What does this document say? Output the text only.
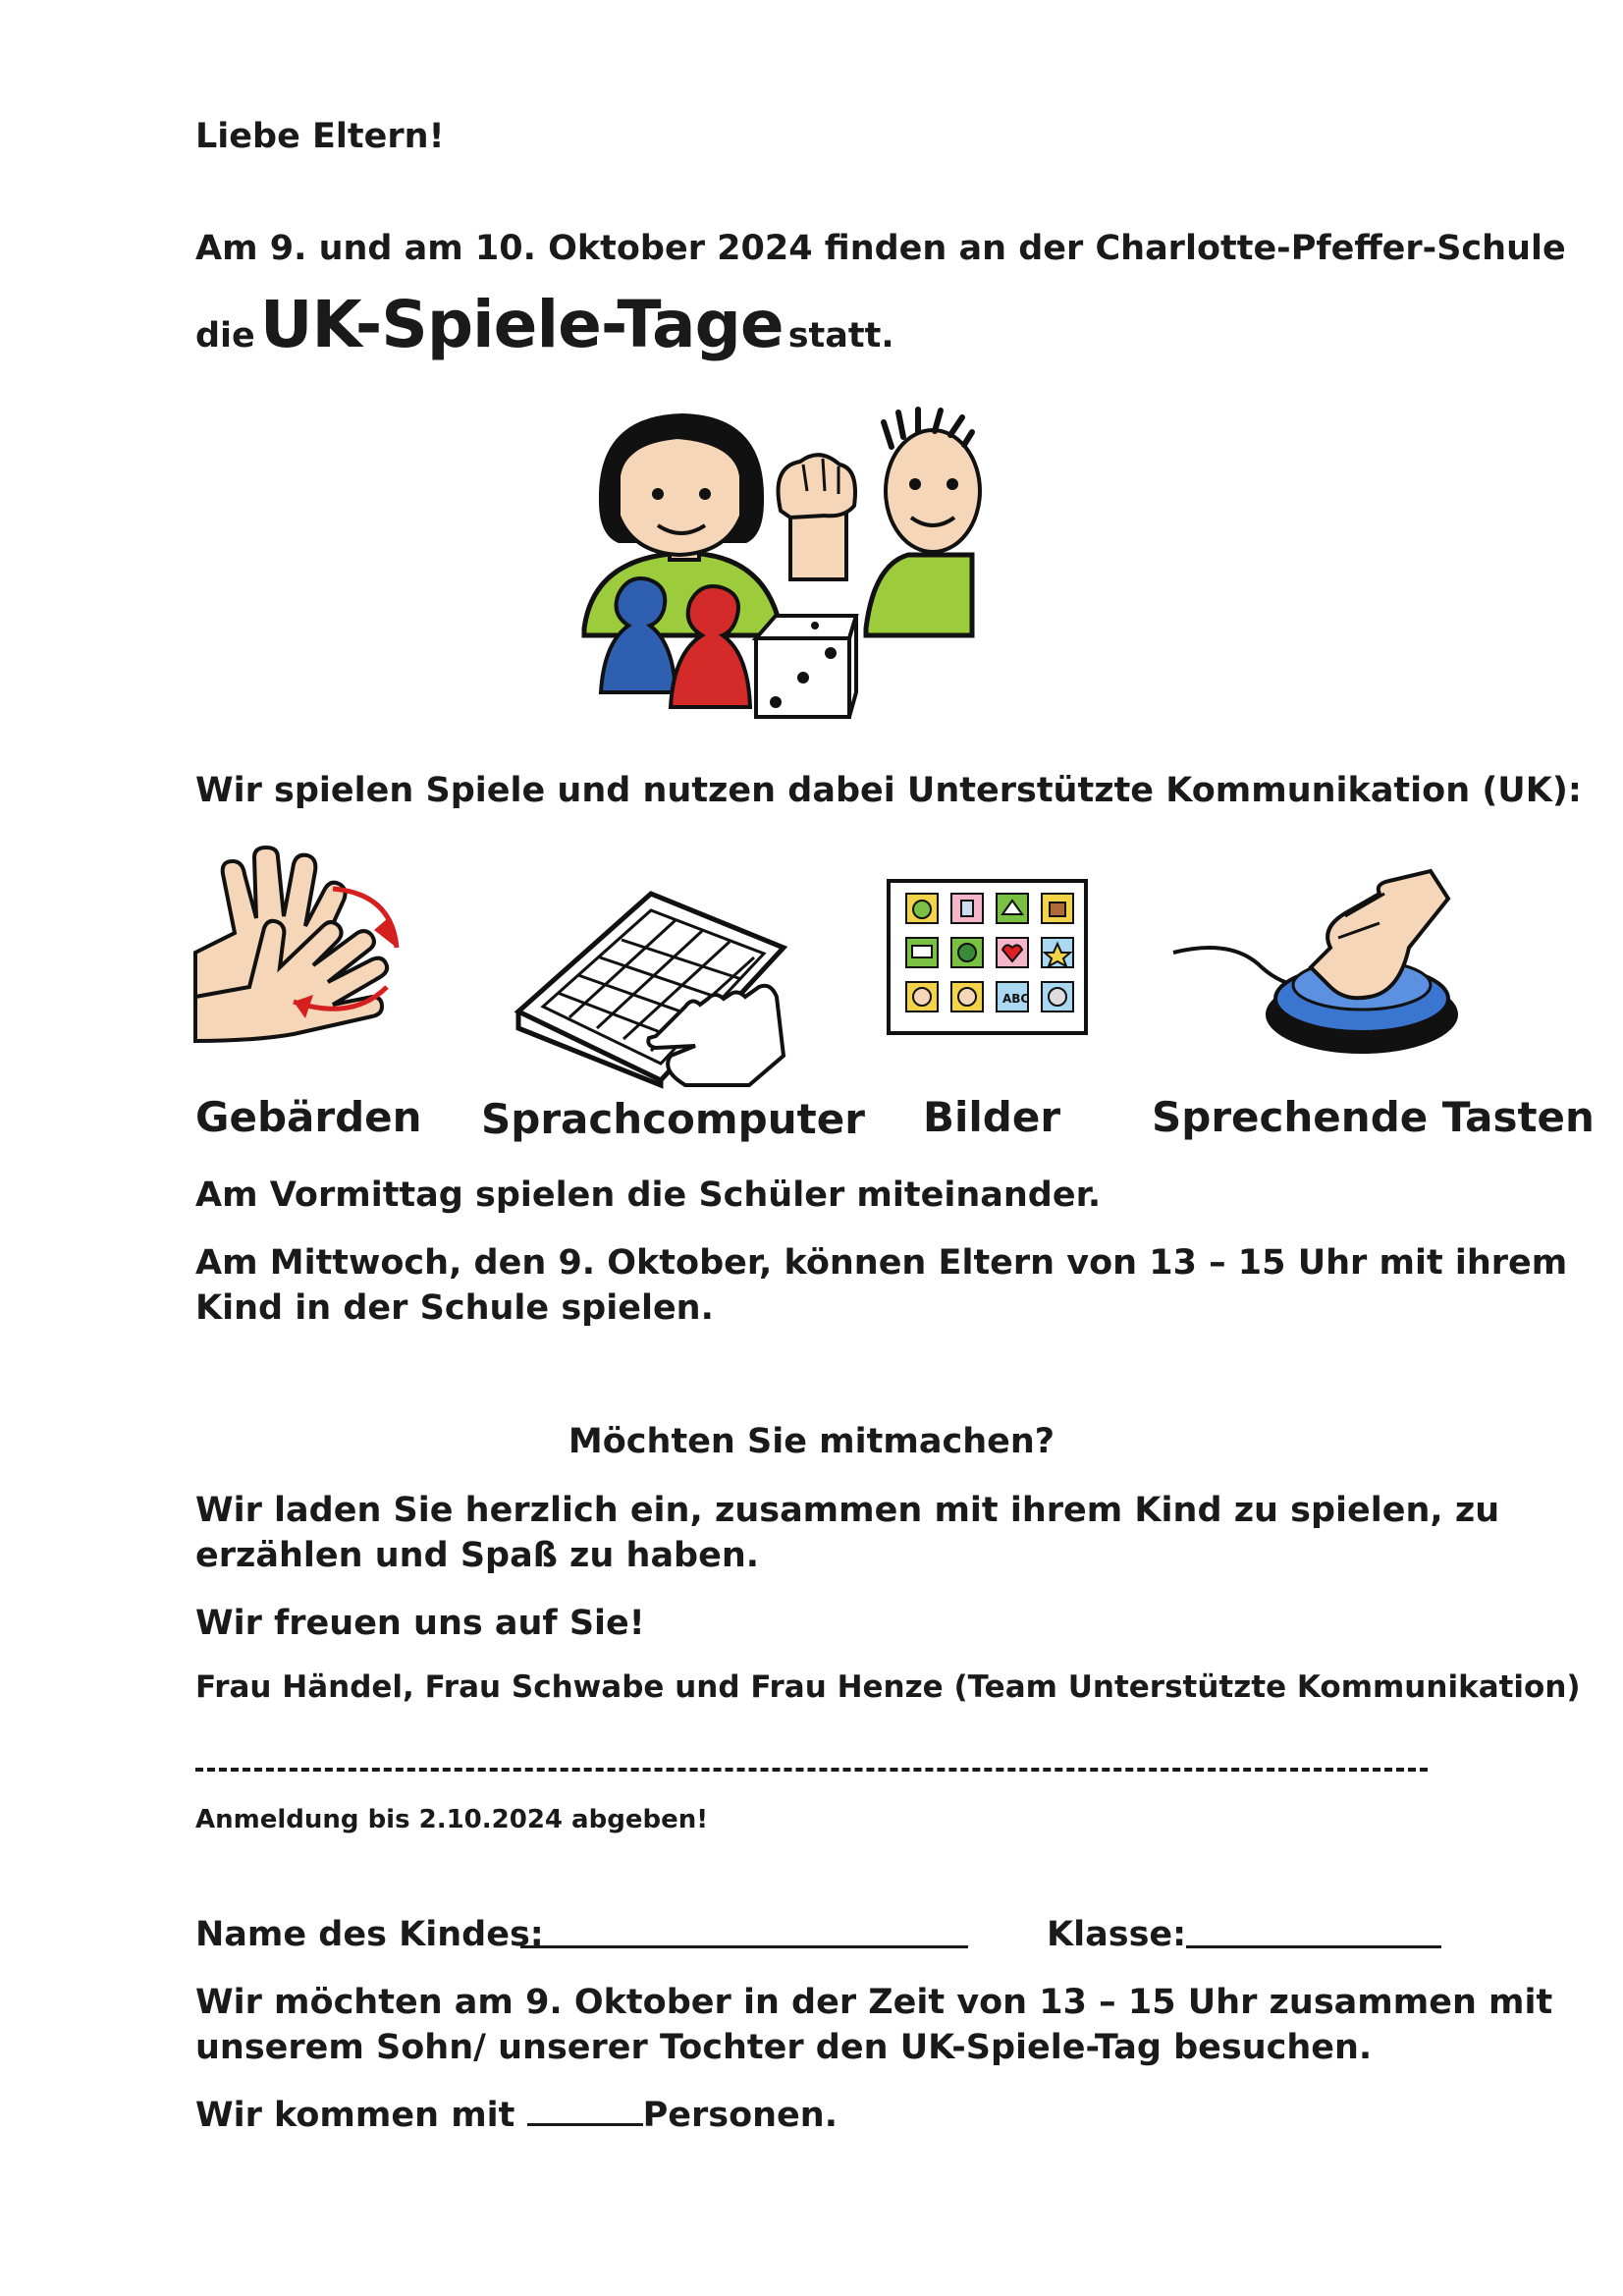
Liebe Eltern!
Am 9. und am 10. Oktober 2024 finden an der Charlotte-Pfeffer-Schule
die UK-Spiele-Tage statt.
Wir spielen Spiele und nutzen dabei Unterstützte Kommunikation (UK):
ABC
Gebärden Sprachcomputer Bilder Sprechende Tasten
Am Vormittag spielen die Schüler miteinander.
Am Mittwoch, den 9. Oktober, können Eltern von 13 – 15 Uhr mit ihrem
Kind in der Schule spielen.
Möchten Sie mitmachen?
Wir laden Sie herzlich ein, zusammen mit ihrem Kind zu spielen, zu
erzählen und Spaß zu haben.
Wir freuen uns auf Sie!
Frau Händel, Frau Schwabe und Frau Henze (Team Unterstützte Kommunikation)
Anmeldung bis 2.10.2024 abgeben!
Name des Kindes:	Klasse:
Wir möchten am 9. Oktober in der Zeit von 13 – 15 Uhr zusammen mit
unserem Sohn/ unserer Tochter den UK-Spiele-Tag besuchen.
Wir kommen mit	Personen.
